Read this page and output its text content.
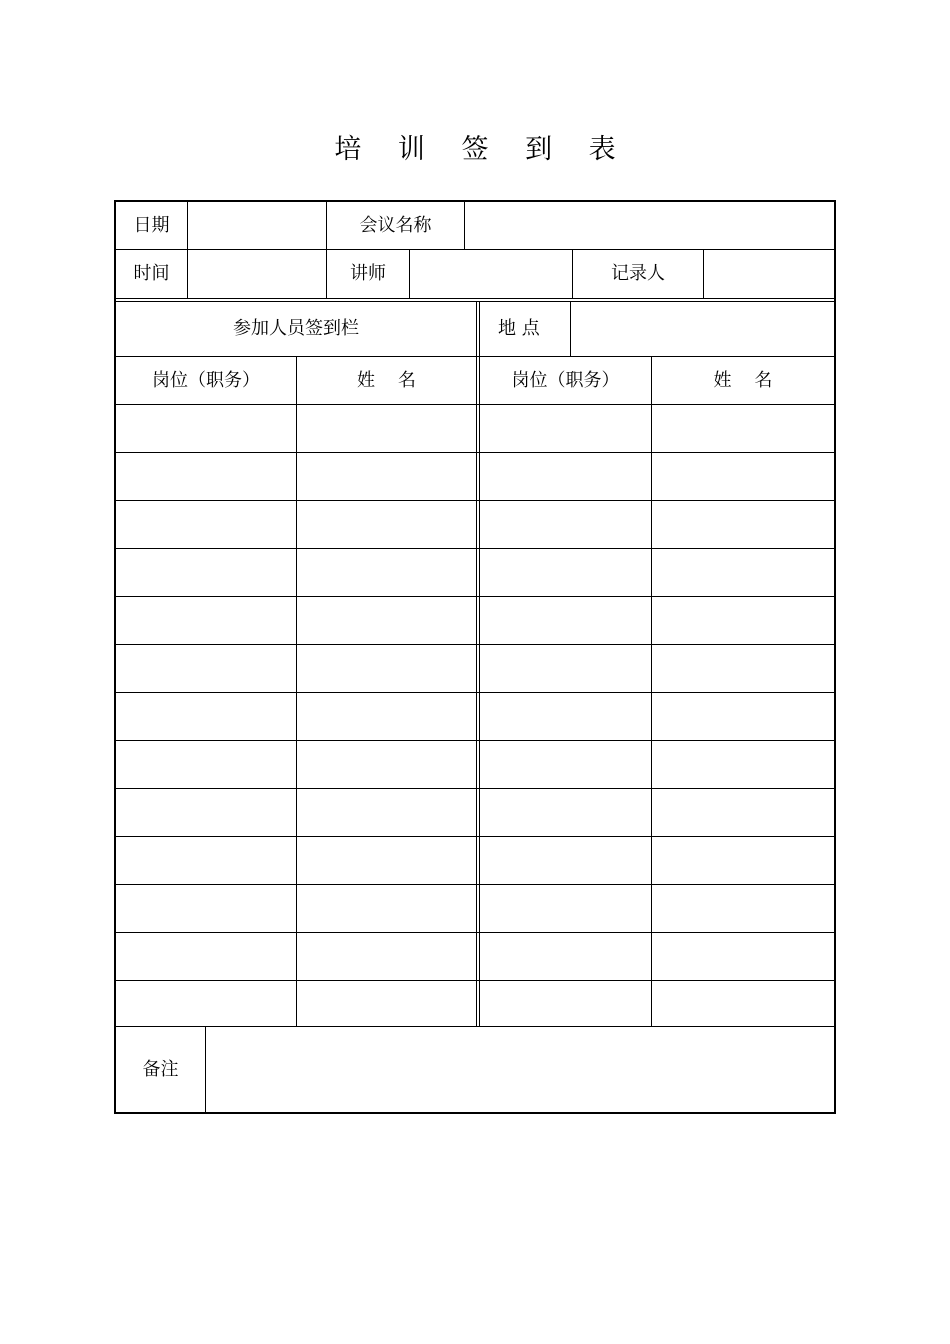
培 训 签 到 表
日期	会议名称
时间	讲师	记录人
参加人员签到栏	地 点
岗位（职务）	姓    名	岗位（职务）	姓    名
备注
